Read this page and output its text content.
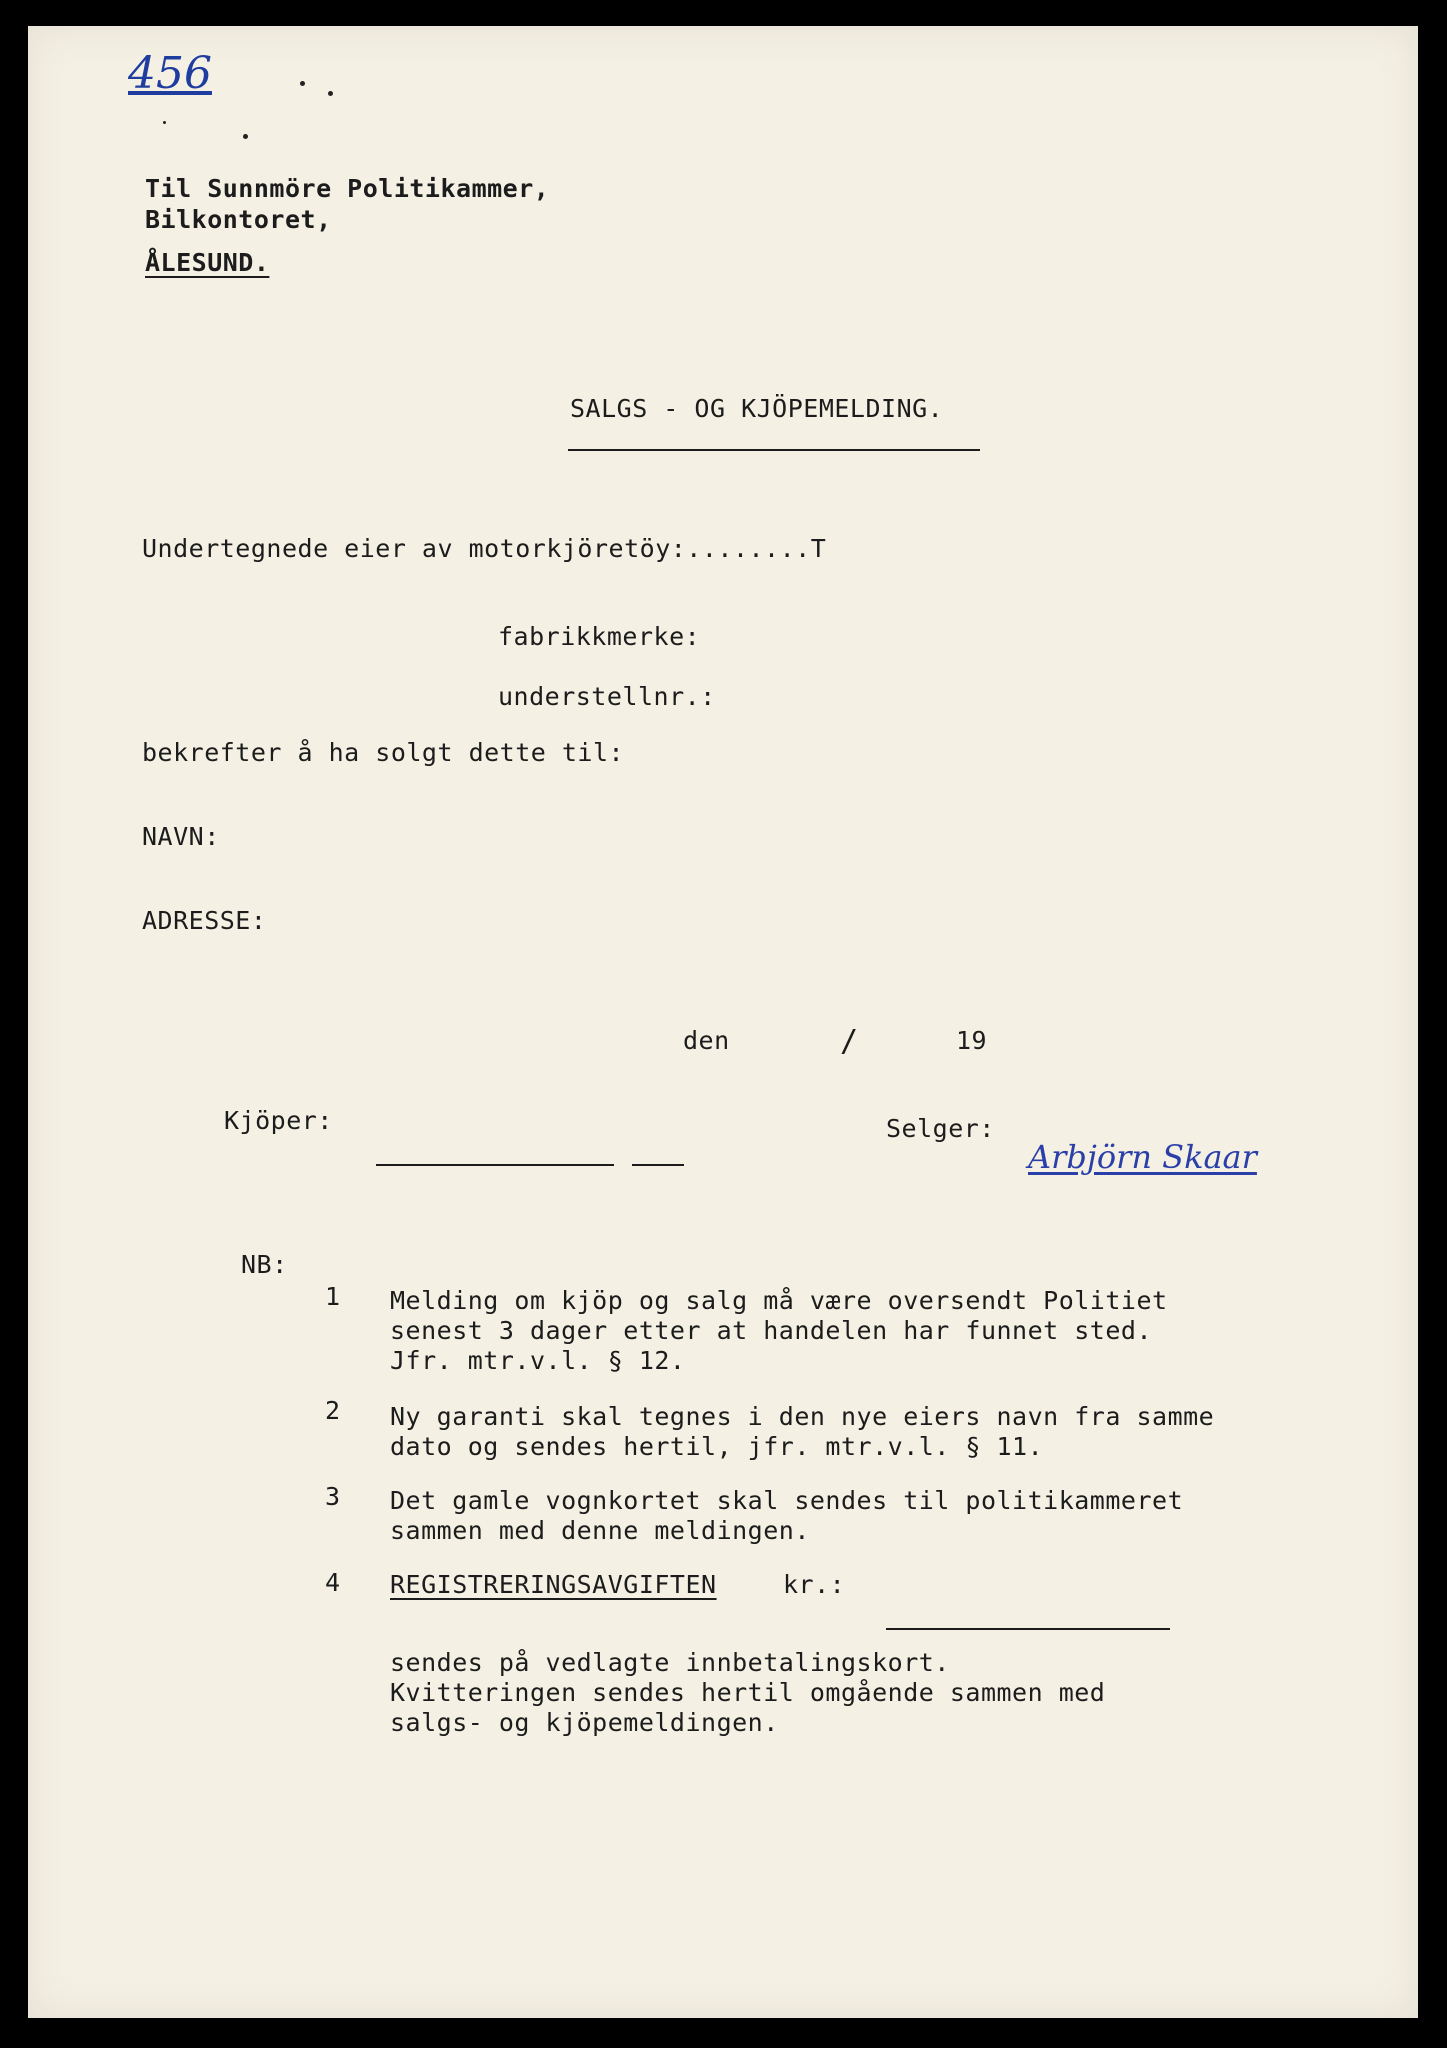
456
Til Sunnmöre Politikammer,
Bilkontoret,
ÅLESUND.
SALGS - OG KJÖPEMELDING.
Undertegnede eier av motorkjöretöy:........T
fabrikkmerke:
understellnr.:
bekrefter å ha solgt dette til:
NAVN:
ADRESSE:
den	/	19
Kjöper:	Selger:
Arbjörn Skaar
NB:
1 Melding om kjöp og salg må være oversendt Politiet
senest 3 dager etter at handelen har funnet sted.
Jfr. mtr.v.l. § 12.
2 Ny garanti skal tegnes i den nye eiers navn fra samme
dato og sendes hertil, jfr. mtr.v.l. § 11.
3 Det gamle vognkortet skal sendes til politikammeret
sammen med denne meldingen.
4 REGISTRERINGSAVGIFTEN	kr.:
sendes på vedlagte innbetalingskort.
Kvitteringen sendes hertil omgående sammen med
salgs- og kjöpemeldingen.
